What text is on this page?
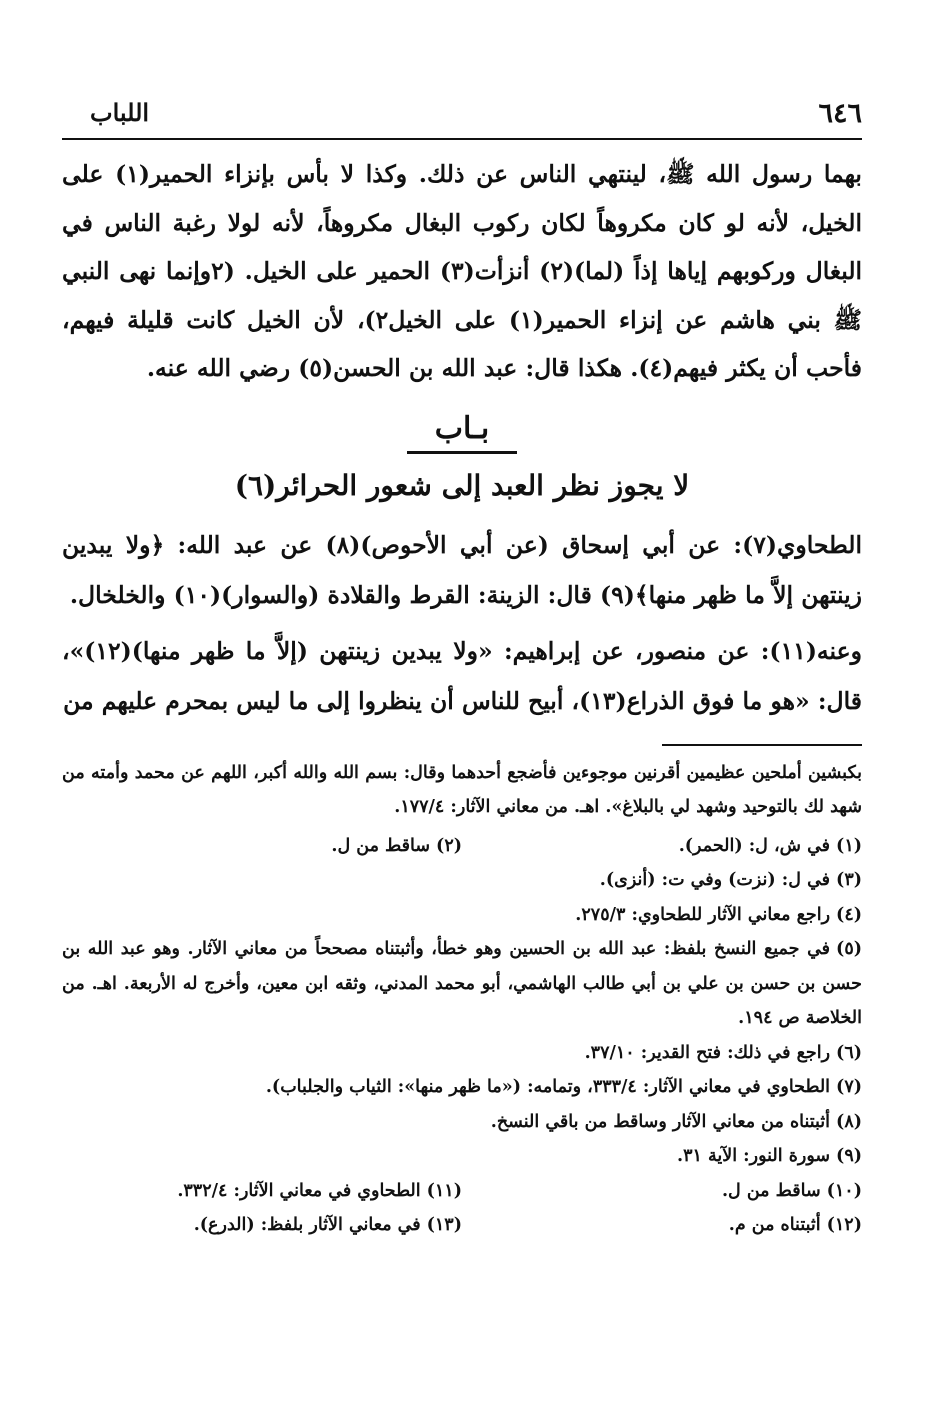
٦٤٦
اللباب

بهما رسول الله ﷺ، لينتهي الناس عن ذلك. وكذا لا بأس بإنزاء الحمير(١) على الخيل، لأنه لو كان مكروهاً لكان ركوب البغال مكروهاً، لأنه لولا رغبة الناس في البغال وركوبهم إياها إذاً (لما)(٢) أنزأت(٣) الحمير على الخيل. (٢وإنما نهى النبي ﷺ بني هاشم عن إنزاء الحمير(١) على الخيل٢)، لأن الخيل كانت قليلة فيهم، فأحب أن يكثر فيهم(٤). هكذا قال: عبد الله بن الحسن(٥) رضي الله عنه.

بـاب
لا يجوز نظر العبد إلى شعور الحرائر(٦)

الطحاوي(٧): عن أبي إسحاق (عن أبي الأحوص)(٨) عن عبد الله: ﴿ولا يبدين زينتهن إلاَّ ما ظهر منها﴾(٩) قال: الزينة: القرط والقلادة (والسوار)(١٠) والخلخال.

وعنه(١١): عن منصور، عن إبراهيم: «ولا يبدين زينتهن (إلاَّ ما ظهر منها)(١٢)»، قال: «هو ما فوق الذراع(١٣)، أبيح للناس أن ينظروا إلى ما ليس بمحرم عليهم من

بكبشين أملحين عظيمين أقرنين موجوءين فأضجع أحدهما وقال: بسم الله والله أكبر، اللهم عن محمد وأمته من شهد لك بالتوحيد وشهد لي بالبلاغ». اهـ. من معاني الآثار: ١٧٧/٤.

(١)في ش، ل: (الحمر).

(٢)ساقط من ل.

(٣)في ل: (نزت) وفي ت: (أنزى).

(٤)راجع معاني الآثار للطحاوي: ٢٧٥/٣.

(٥)في جميع النسخ بلفظ: عبد الله بن الحسين وهو خطأ، وأثبتناه مصححاً من معاني الآثار. وهو عبد الله بن حسن بن حسن بن علي بن أبي طالب الهاشمي، أبو محمد المدني، وثقه ابن معين، وأخرج له الأربعة. اهـ. من الخلاصة ص ١٩٤.

(٦)راجع في ذلك: فتح القدير: ٣٧/١٠.

(٧)الطحاوي في معاني الآثار: ٣٣٣/٤، وتمامه: («ما ظهر منها»: الثياب والجلباب).

(٨)أثبتناه من معاني الآثار وساقط من باقي النسخ.

(٩)سورة النور: الآية ٣١.

(١٠)ساقط من ل.

(١١)الطحاوي في معاني الآثار: ٣٣٢/٤.

(١٢)أثبتناه من م.

(١٣)في معاني الآثار بلفظ: (الدرع).
